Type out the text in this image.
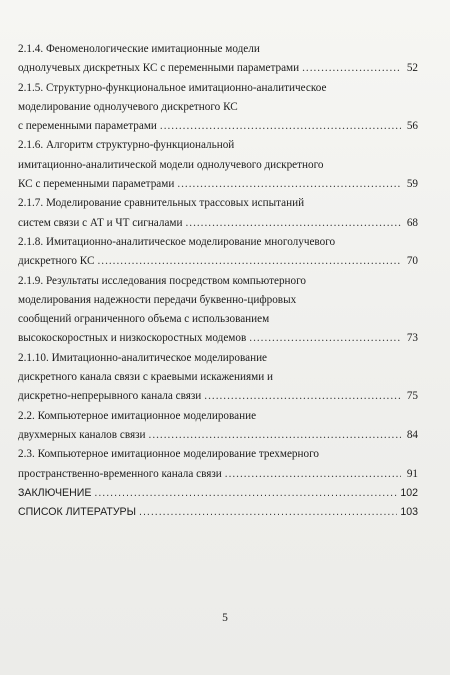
2.1.4. Феноменологические имитационные модели
однолучевых дискретных КС с переменными параметрами .....	52
2.1.5. Структурно-функциональное имитационно-аналитическое
моделирование однолучевого дискретного КС
с переменными параметрами .....	56
2.1.6. Алгоритм структурно-функциональной
имитационно-аналитической модели однолучевого дискретного
КС с переменными параметрами .....	59
2.1.7. Моделирование сравнительных трассовых испытаний
систем связи с АТ и ЧТ сигналами .....	68
2.1.8. Имитационно-аналитическое моделирование многолучевого
дискретного КС .....	70
2.1.9. Результаты исследования посредством компьютерного
моделирования надежности передачи буквенно-цифровых
сообщений ограниченного объема с использованием
высокоскоростных и низкоскоростных модемов .....	73
2.1.10. Имитационно-аналитическое моделирование
дискретного канала связи с краевыми искажениями и
дискретно-непрерывного канала связи .....	75
2.2. Компьютерное имитационное моделирование
двухмерных каналов связи .....	84
2.3. Компьютерное имитационное моделирование трехмерного
пространственно-временного канала связи .....	91
ЗАКЛЮЧЕНИЕ .....	102
СПИСОК ЛИТЕРАТУРЫ .....	103
5
